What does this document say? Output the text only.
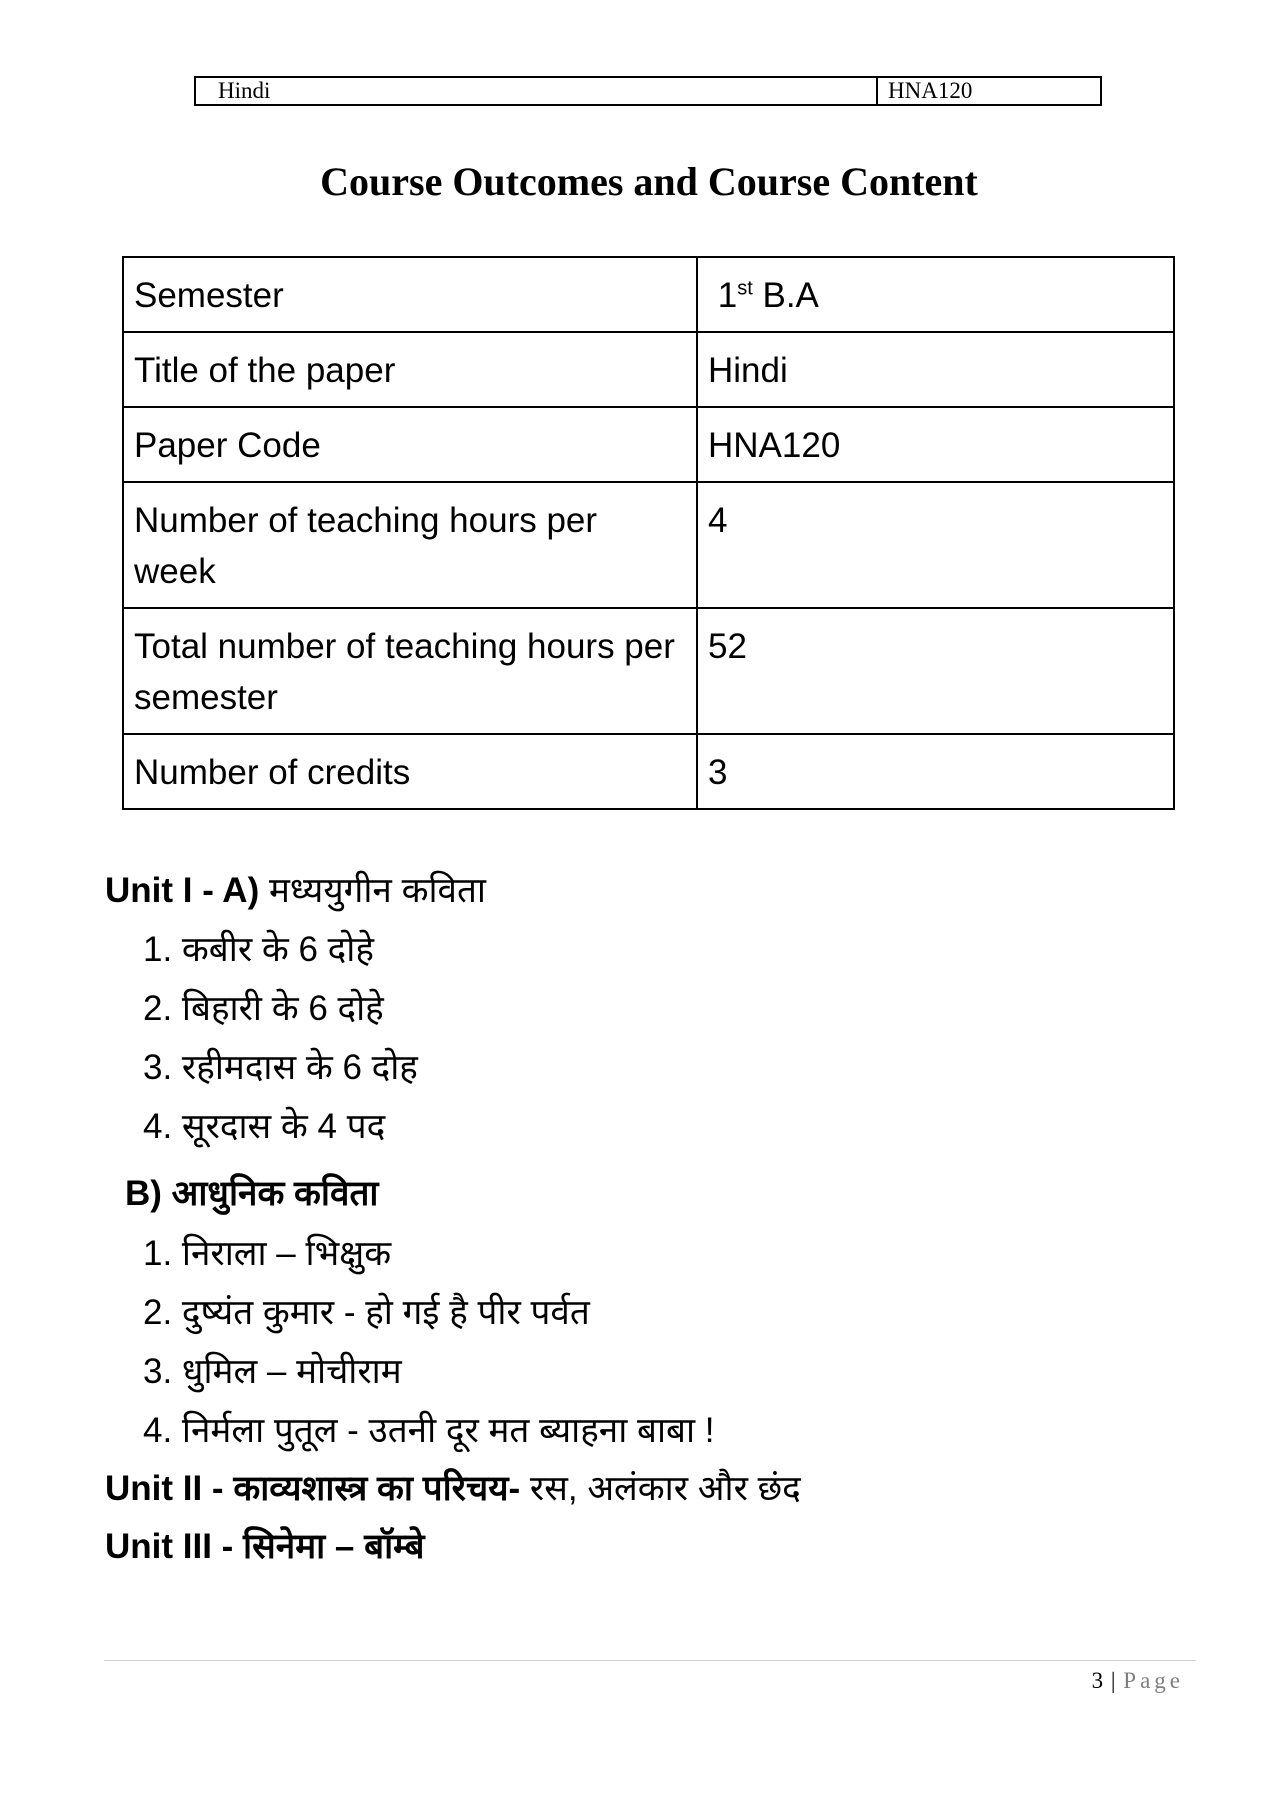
Hindi	HNA120
Course Outcomes and Course Content
Semester	1st B.A
Title of the paper	Hindi
Paper Code	HNA120
Number of teaching hours per week	4
Total number of teaching hours per semester	52
Number of credits	3
Unit I - A) मध्ययुगीन कविता
1. कबीर के 6 दोहे
2. बिहारी के 6 दोहे
3. रहीमदास के 6 दोह
4. सूरदास के 4 पद
B) आधुनिक कविता
1. निराला – भिक्षुक
2. दुष्यंत कुमार - हो गई है पीर पर्वत
3. धुमिल – मोचीराम
4. निर्मला पुतूल - उतनी दूर मत ब्याहना बाबा !
Unit II - काव्यशास्त्र का परिचय- रस, अलंकार और छंद
Unit III - सिनेमा – बॉम्बे
3 | Page
